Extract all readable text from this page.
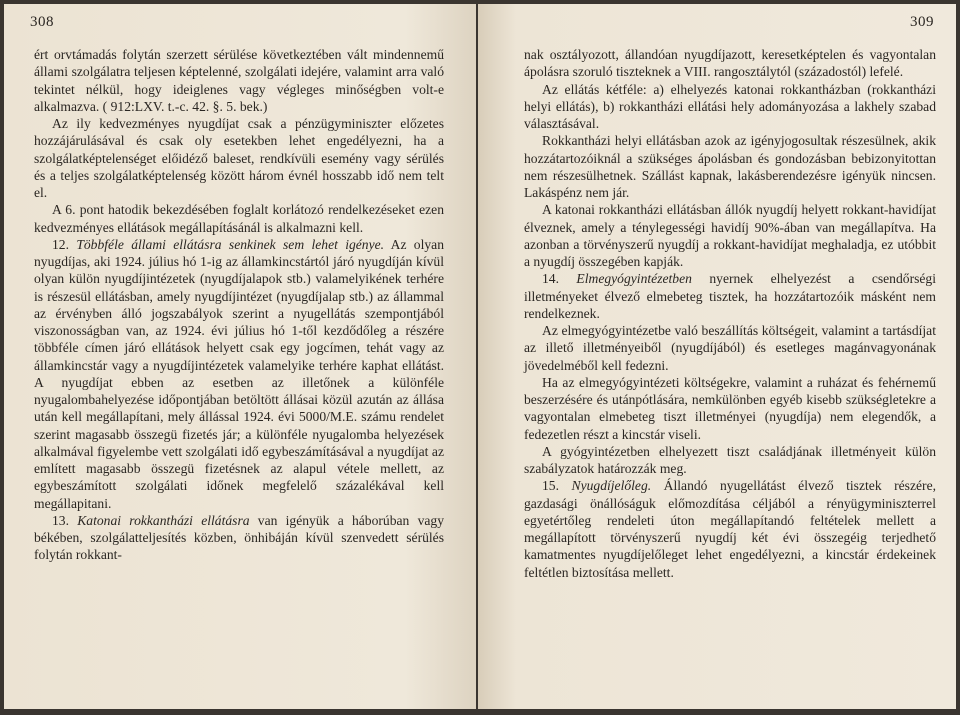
308

ért orvtámadás folytán szerzett sérülése következtében vált mindennemű állami szolgálatra teljesen képtelenné, szolgálati idejére, valamint arra való tekintet nélkül, hogy ideiglenes vagy végleges minőségben volt-e alkalmazva. ( 912:LXV. t.-c. 42. §. 5. bek.)

Az ily kedvezményes nyugdíjat csak a pénzügyminiszter előzetes hozzájárulásával és csak oly esetekben lehet engedélyezni, ha a szolgálatképtelenséget előidéző baleset, rendkívüli esemény vagy sérülés és a teljes szolgálatképtelenség között három évnél hosszabb idő nem telt el.

A 6. pont hatodik bekezdésében foglalt korlátozó rendelkezéseket ezen kedvezményes ellátások megállapításánál is alkalmazni kell.

12. Többféle állami ellátásra senkinek sem lehet igénye. Az olyan nyugdíjas, aki 1924. július hó 1-ig az államkincstártól járó nyugdíján kívül olyan külön nyugdíjintézetek (nyugdíjalapok stb.) valamelyikének terhére is részesül ellátásban, amely nyugdíjintézet (nyugdíjalap stb.) az állammal az érvényben álló jogszabályok szerint a nyugellátás szempontjából viszonosságban van, az 1924. évi július hó 1-től kezdődőleg a részére többféle címen járó ellátások helyett csak egy jogcímen, tehát vagy az államkincstár vagy a nyugdíjintézetek valamelyike terhére kaphat ellátást. A nyugdíjat ebben az esetben az illetőnek a különféle nyugalombahelyezése időpontjában betöltött állásai közül azután az állása után kell megállapítani, mely állással 1924. évi 5000/M.E. számu rendelet szerint magasabb összegü fizetés jár; a különféle nyugalomba helyezések alkalmával figyelembe vett szolgálati idő egybeszámításával a nyugdíjat az említett magasabb összegü fizetésnek az alapul vétele mellett, az egybeszámított szolgálati időnek megfelelő százalékával kell megállapitani.

13. Katonai rokkantházi ellátásra van igényük a háborúban vagy békében, szolgálatteljesítés közben, önhibáján kívül szenvedett sérülés folytán rokkant-

309

nak osztályozott, állandóan nyugdíjazott, keresetképtelen és vagyontalan ápolásra szoruló tiszteknek a VIII. rangosztálytól (századostól) lefelé.

Az ellátás kétféle: a) elhelyezés katonai rokkantházban (rokkantházi helyi ellátás), b) rokkantházi ellátási hely adományozása a lakhely szabad választásával.

Rokkantházi helyi ellátásban azok az igényjogosultak részesülnek, akik hozzátartozóiknál a szükséges ápolásban és gondozásban bebizonyitottan nem részesülhetnek. Szállást kapnak, lakásberendezésre igényük nincsen. Lakáspénz nem jár.

A katonai rokkantházi ellátásban állók nyugdíj helyett rokkant-havidíjat élveznek, amely a ténylegességi havidíj 90%-ában van megállapítva. Ha azonban a törvényszerű nyugdíj a rokkant-havidíjat meghaladja, ez utóbbit a nyugdíj összegében kapják.

14. Elmegyógyintézetben nyernek elhelyezést a csendőrségi illetményeket élvező elmebeteg tisztek, ha hozzátartozóik másként nem rendelkeznek.

Az elmegyógyintézetbe való beszállítás költségeit, valamint a tartásdíjat az illető illetményeiből (nyugdíjából) és esetleges magánvagyonának jövedelméből kell fedezni.

Ha az elmegyógyintézeti költségekre, valamint a ruházat és fehérnemű beszerzésére és utánpótlására, nemkülönben egyéb kisebb szükségletekre a vagyontalan elmebeteg tiszt illetményei (nyugdíja) nem elegendők, a fedezetlen részt a kincstár viseli.

A gyógyintézetben elhelyezett tiszt családjának illetményeit külön szabályzatok határozzák meg.

15. Nyugdíjelőleg. Állandó nyugellátást élvező tisztek részére, gazdasági önállóságuk előmozdítása céljából a rényügyminiszterrel egyetértőleg rendeleti úton megállapítandó feltételek mellett a megállapított törvényszerű nyugdíj két évi összegéig terjedhető kamatmentes nyugdíjelőleget lehet engedélyezni, a kincstár érdekeinek feltétlen biztosítása mellett.
